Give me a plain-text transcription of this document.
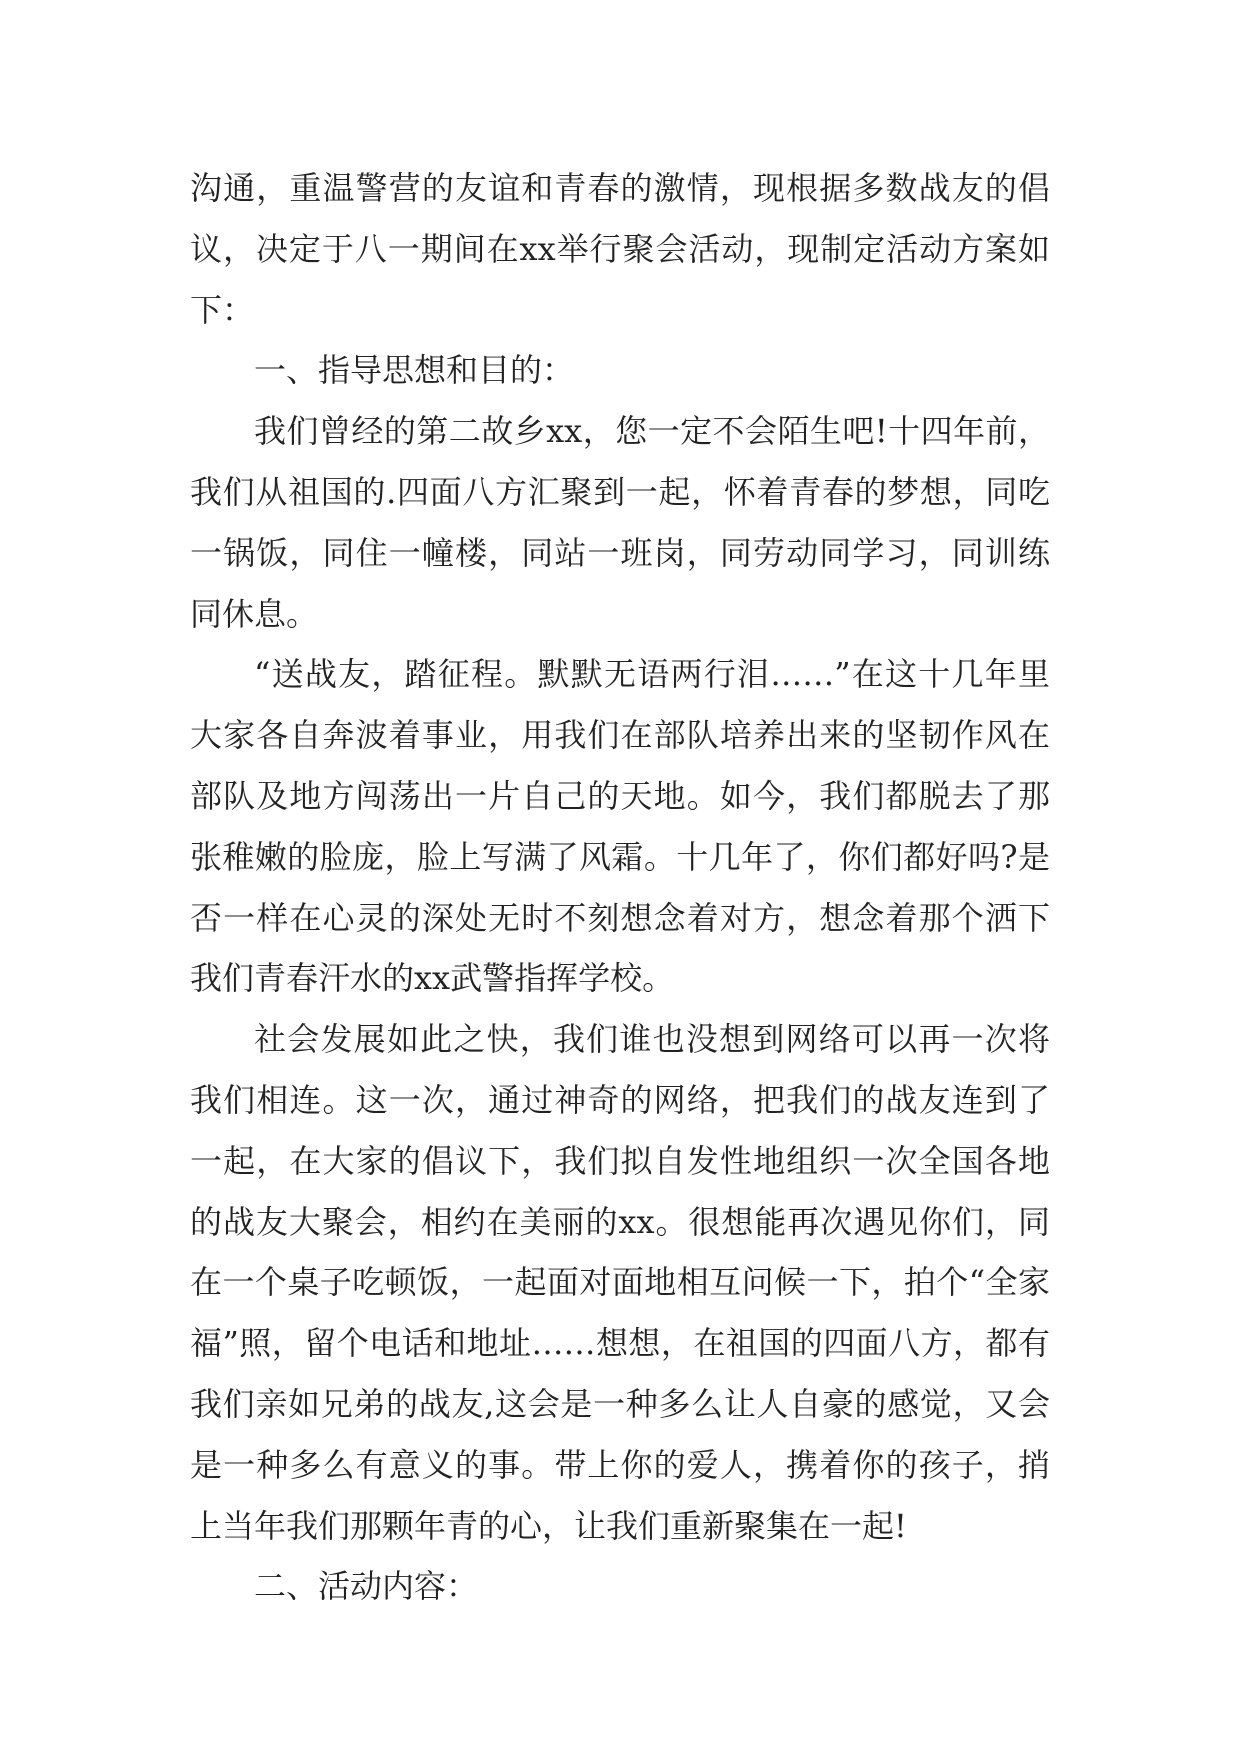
沟通，重温警营的友谊和青春的激情，现根据多数战友的倡议，决定于八一期间在xx举行聚会活动，现制定活动方案如下：

一、指导思想和目的：

我们曾经的第二故乡xx，您一定不会陌生吧!十四年前，我们从祖国的.四面八方汇聚到一起，怀着青春的梦想，同吃一锅饭，同住一幢楼，同站一班岗，同劳动同学习，同训练同休息。

“送战友，踏征程。默默无语两行泪……”在这十几年里大家各自奔波着事业，用我们在部队培养出来的坚韧作风在部队及地方闯荡出一片自己的天地。如今，我们都脱去了那张稚嫩的脸庞，脸上写满了风霜。十几年了，你们都好吗?是否一样在心灵的深处无时不刻想念着对方，想念着那个洒下我们青春汗水的xx武警指挥学校。

社会发展如此之快，我们谁也没想到网络可以再一次将我们相连。这一次，通过神奇的网络，把我们的战友连到了一起，在大家的倡议下，我们拟自发性地组织一次全国各地的战友大聚会，相约在美丽的xx。很想能再次遇见你们，同在一个桌子吃顿饭，一起面对面地相互问候一下，拍个“全家福”照，留个电话和地址……想想，在祖国的四面八方，都有我们亲如兄弟的战友,这会是一种多么让人自豪的感觉，又会是一种多么有意义的事。带上你的爱人，携着你的孩子，捎上当年我们那颗年青的心，让我们重新聚集在一起!

二、活动内容：
